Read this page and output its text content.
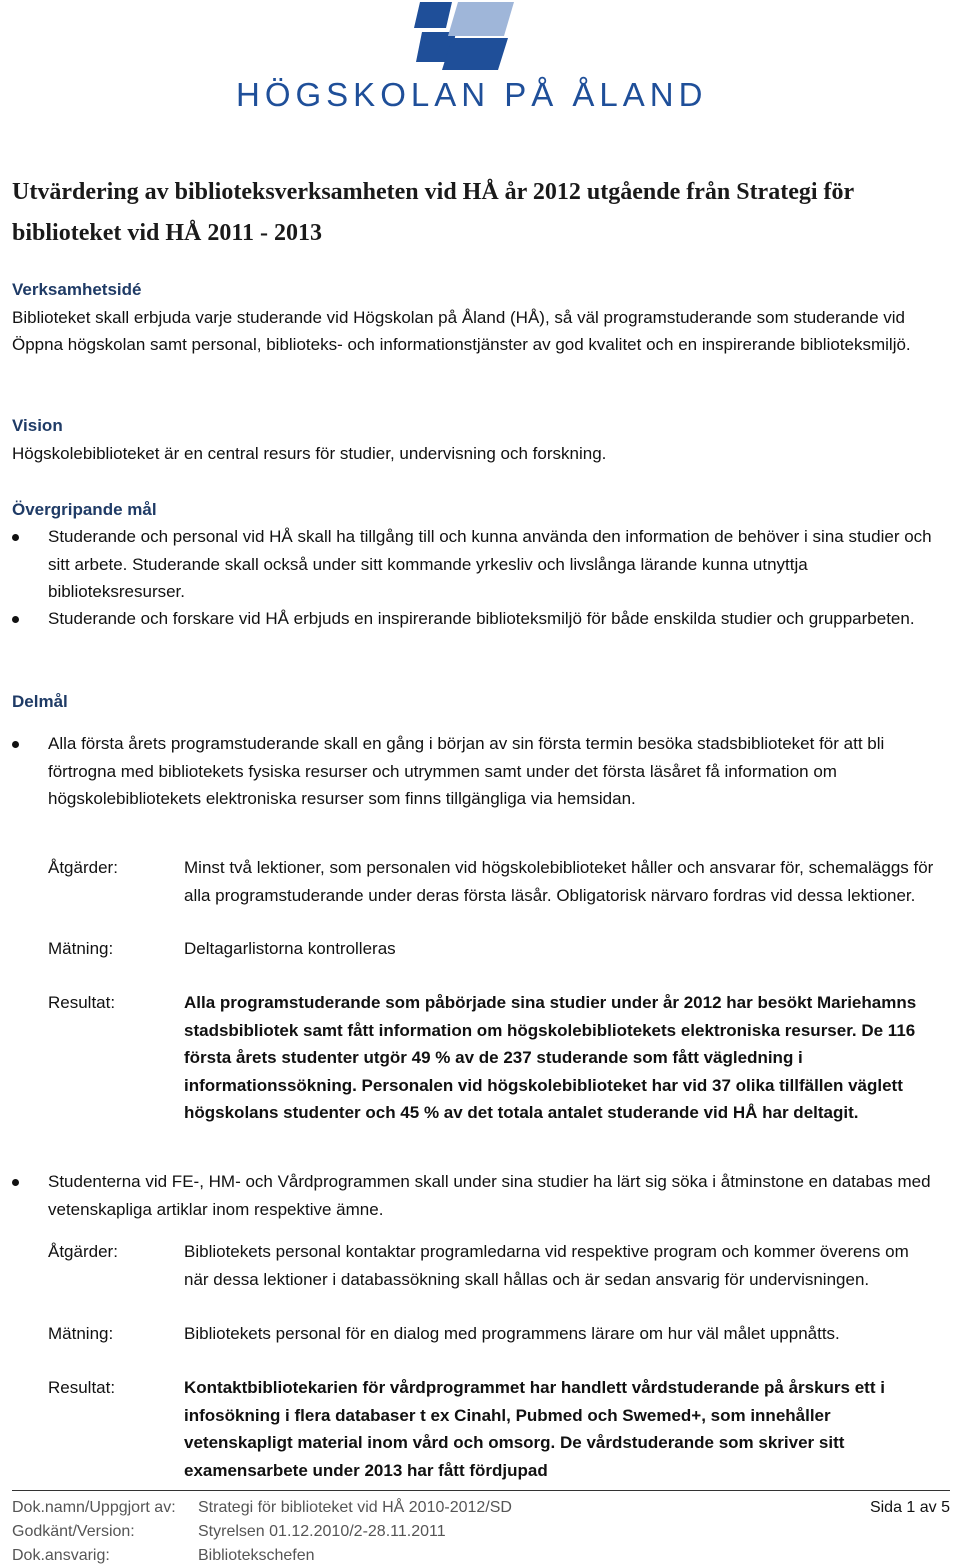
HÖGSKOLAN PÅ ÅLAND
Utvärdering av biblioteksverksamheten vid HÅ år 2012 utgående från Strategi för biblioteket vid HÅ 2011 - 2013
Verksamhetsidé
Biblioteket skall erbjuda varje studerande vid Högskolan på Åland (HÅ), så väl programstuderande som studerande vid Öppna högskolan samt personal, biblioteks- och informationstjänster av god kvalitet och en inspirerande biblioteksmiljö.
Vision
Högskolebiblioteket är en central resurs för studier, undervisning och forskning.
Övergripande mål
Studerande och personal vid HÅ skall ha tillgång till och kunna använda den information de behöver i sina studier och sitt arbete. Studerande skall också under sitt kommande yrkesliv och livslånga lärande kunna utnyttja biblioteksresurser.
Studerande och forskare vid HÅ erbjuds en inspirerande biblioteksmiljö för både enskilda studier och grupparbeten.
Delmål
Alla första årets programstuderande skall en gång i början av sin första termin besöka stadsbiblioteket för att bli förtrogna med bibliotekets fysiska resurser och utrymmen samt under det första läsåret få information om högskolebibliotekets elektroniska resurser som finns tillgängliga via hemsidan.
Åtgärder:	Minst två lektioner, som personalen vid högskolebiblioteket håller och ansvarar för, schemaläggs för alla programstuderande under deras första läsår. Obligatorisk närvaro fordras vid dessa lektioner.
Mätning:	Deltagarlistorna kontrolleras
Resultat:	Alla programstuderande som påbörjade sina studier under år 2012 har besökt Mariehamns stadsbibliotek samt fått information om högskolebibliotekets elektroniska resurser. De 116 första årets studenter utgör 49 % av de 237 studerande som fått vägledning i informationssökning. Personalen vid högskolebiblioteket har vid 37 olika tillfällen väglett högskolans studenter och 45 % av det totala antalet studerande vid HÅ har deltagit.
Studenterna vid FE-, HM- och Vårdprogrammen skall under sina studier ha lärt sig söka i åtminstone en databas med vetenskapliga artiklar inom respektive ämne.
Åtgärder:	Bibliotekets personal kontaktar programledarna vid respektive program och kommer överens om när dessa lektioner i databassökning skall hållas och är sedan ansvarig för undervisningen.
Mätning:	Bibliotekets personal för en dialog med programmens lärare om hur väl målet uppnåtts.
Resultat:	Kontaktbibliotekarien för vårdprogrammet har handlett vårdstuderande på årskurs ett i infosökning i flera databaser t ex Cinahl, Pubmed och Swemed+, som innehåller vetenskapligt material inom vård och omsorg. De vårdstuderande som skriver sitt examensarbete under 2013 har fått fördjupad
Dok.namn/Uppgjort av: Strategi för biblioteket vid HÅ 2010-2012/SD	Sida 1 av 5
Godkänt/Version:	Styrelsen 01.12.2010/2-28.11.2011
Dok.ansvarig:	Bibliotekschefen
